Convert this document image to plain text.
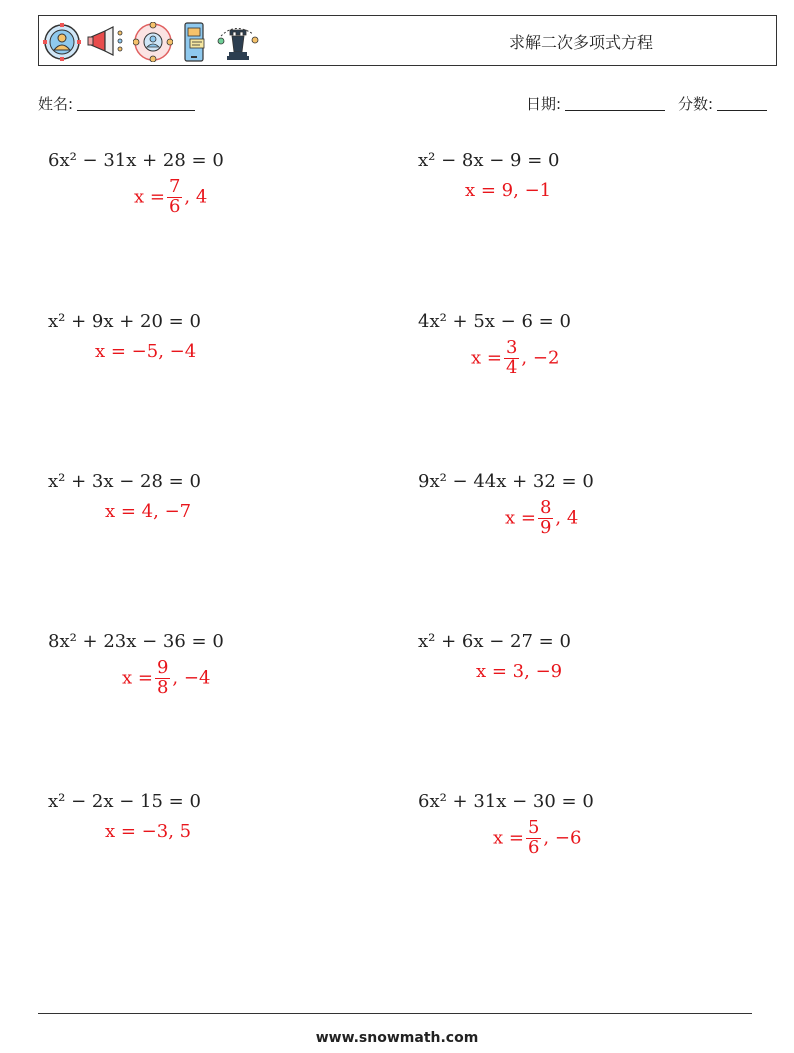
求解二次多项式方程
姓名:	日期:	分数:
6x² − 31x + 28 = 0
$x = \frac{7}{6}$ , 4
x² − 8x − 9 = 0
x = 9, −1
x² + 9x + 20 = 0
x = −5, −4
4x² + 5x − 6 = 0
$x = \frac{3}{4}$ , −2
x² + 3x − 28 = 0
x = 4, −7
9x² − 44x + 32 = 0
$x = \frac{8}{9}$ , 4
8x² + 23x − 36 = 0
$x = \frac{9}{8}$ , −4
x² + 6x − 27 = 0
x = 3, −9
x² − 2x − 15 = 0
x = −3, 5
6x² + 31x − 30 = 0
$x = \frac{5}{6}$ , −6
www.snowmath.com
